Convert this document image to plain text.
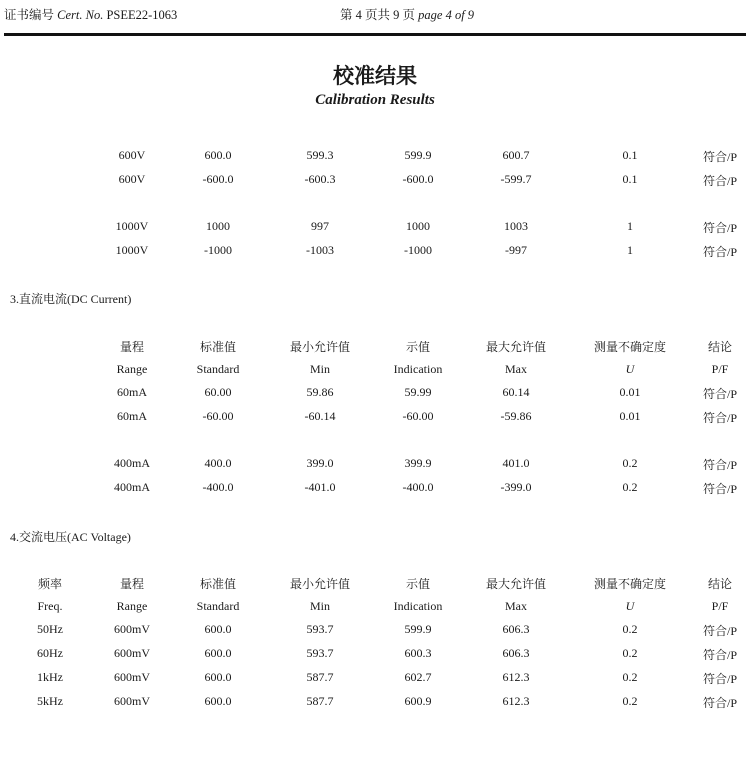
证书编号 Cert. No. PSEE22-1063	第 4 页共 9 页 page 4 of 9
校准结果
Calibration Results
600V	600.0	599.3	599.9	600.7	0.1	符合/P
600V	-600.0	-600.3	-600.0	-599.7	0.1	符合/P
1000V	1000	997	1000	1003	1	符合/P
1000V	-1000	-1003	-1000	-997	1	符合/P
3.直流电流(DC Current)
量程	标准值	最小允许值	示值	最大允许值	测量不确定度	结论
Range	Standard	Min	Indication	Max	U	P/F
60mA	60.00	59.86	59.99	60.14	0.01	符合/P
60mA	-60.00	-60.14	-60.00	-59.86	0.01	符合/P
400mA	400.0	399.0	399.9	401.0	0.2	符合/P
400mA	-400.0	-401.0	-400.0	-399.0	0.2	符合/P
4.交流电压(AC Voltage)
频率	量程	标准值	最小允许值	示值	最大允许值	测量不确定度	结论
Freq.	Range	Standard	Min	Indication	Max	U	P/F
50Hz	600mV	600.0	593.7	599.9	606.3	0.2	符合/P
60Hz	600mV	600.0	593.7	600.3	606.3	0.2	符合/P
1kHz	600mV	600.0	587.7	602.7	612.3	0.2	符合/P
5kHz	600mV	600.0	587.7	600.9	612.3	0.2	符合/P
